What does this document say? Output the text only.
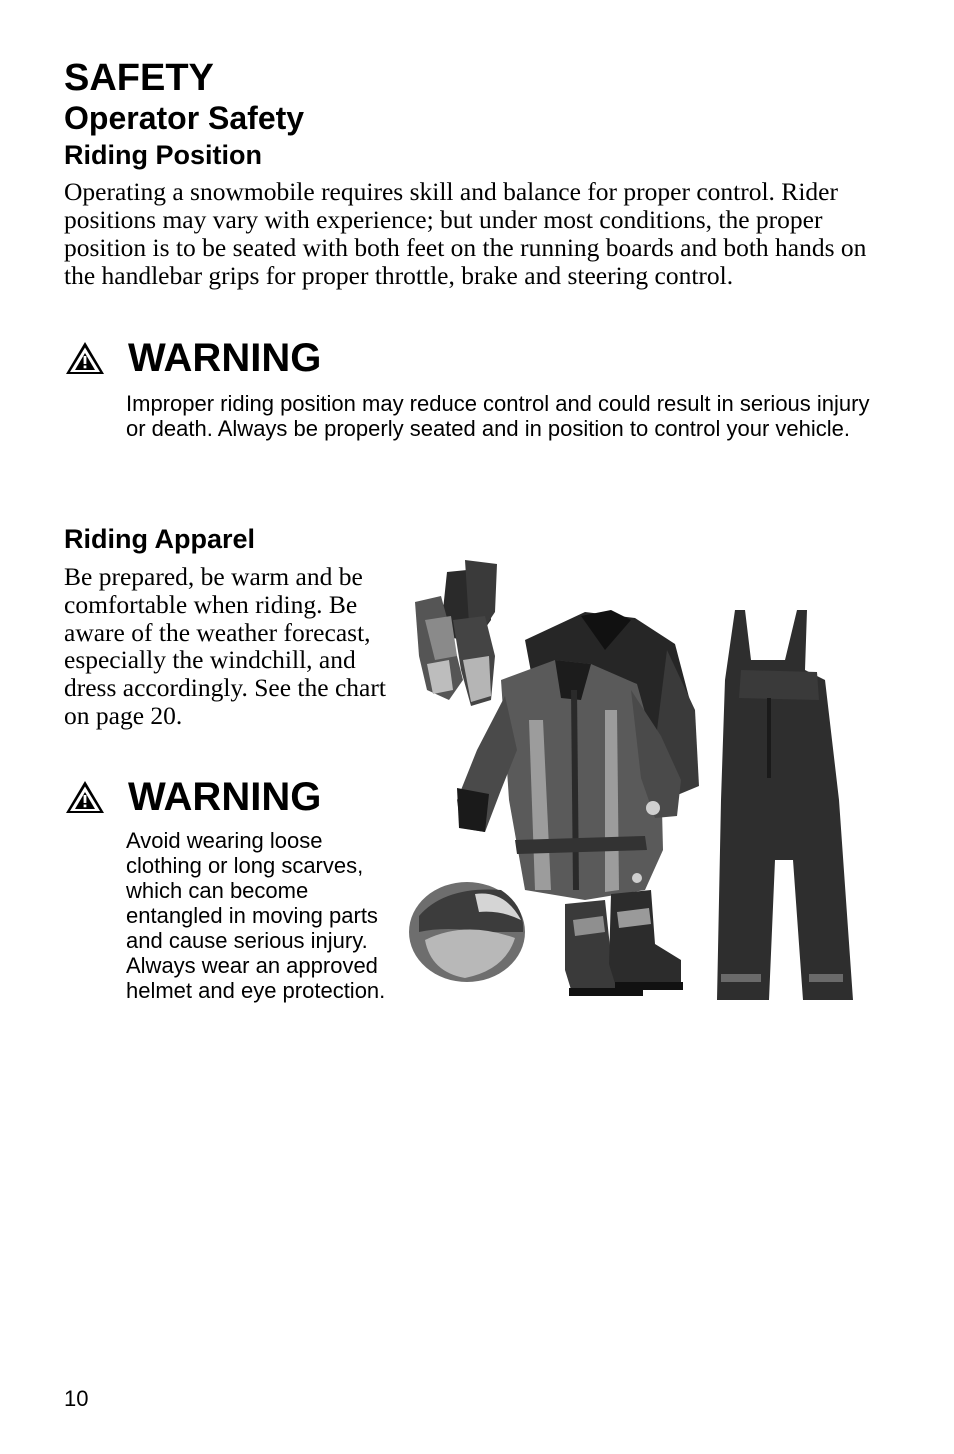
SAFETY
Operator Safety
Riding Position

Operating a snowmobile requires skill and balance for proper control. Rider positions may vary with experience; but under most conditions, the proper position is to be seated with both feet on the running boards and both hands on the handlebar grips for proper throttle, brake and steering control.

WARNING

Improper riding position may reduce control and could result in serious injury or death. Always be properly seated and in position to control your vehicle.

Riding Apparel

Be prepared, be warm and be comfortable when riding. Be aware of the weather forecast, especially the windchill, and dress accordingly. See the chart on page 20.

WARNING

Avoid wearing loose clothing or long scarves, which can become entangled in moving parts and cause serious injury. Always wear an approved helmet and eye protection.

10
